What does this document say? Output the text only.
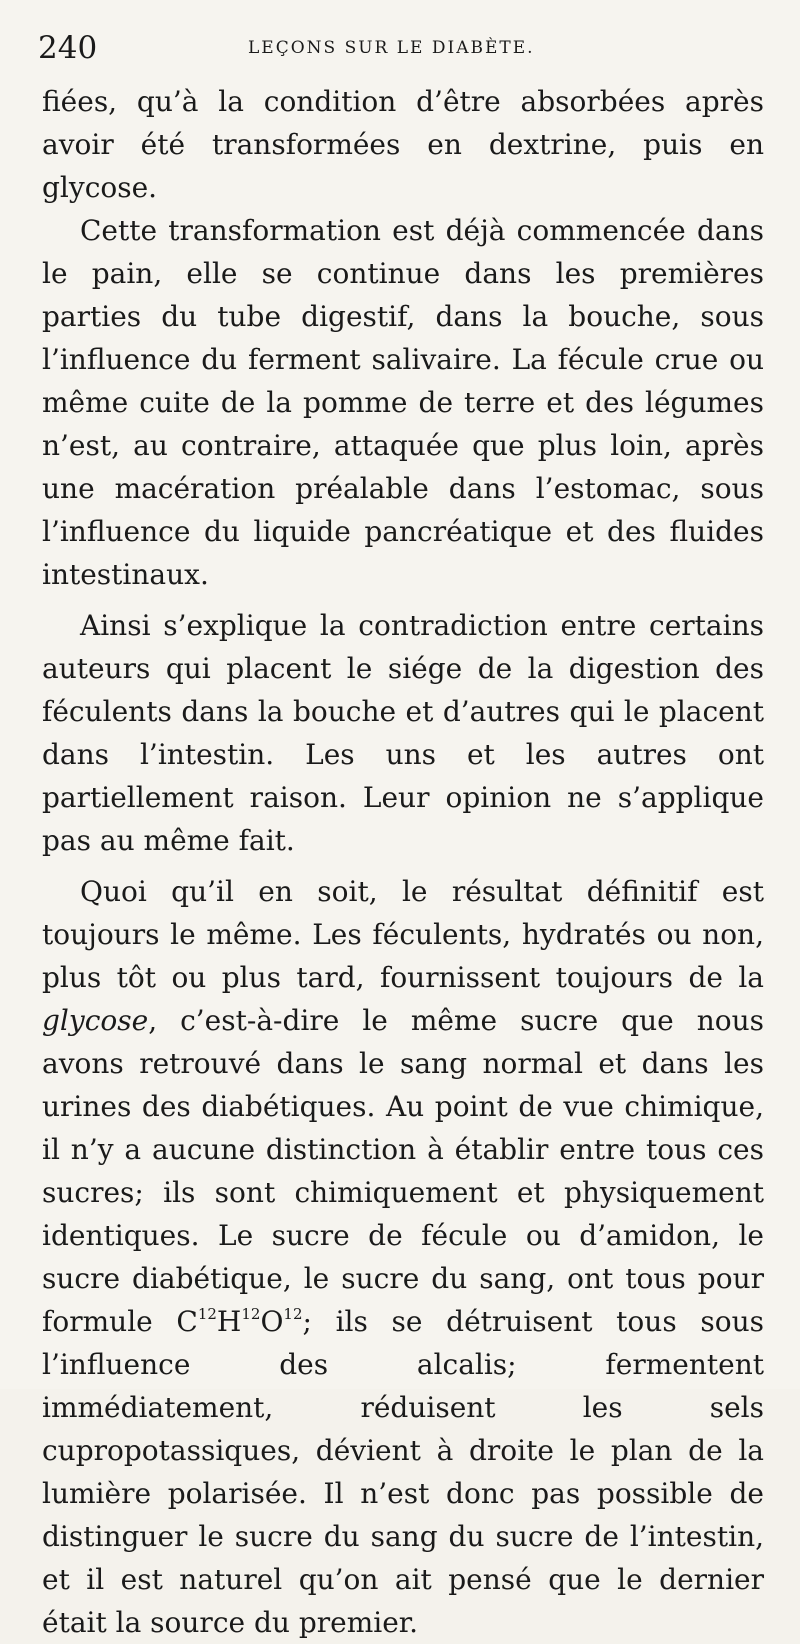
240	LEÇONS SUR LE DIABÈTE.

fiées, qu’à la condition d’être absorbées après avoir été transformées en dextrine, puis en glycose.

Cette transformation est déjà commencée dans le pain, elle se continue dans les premières parties du tube digestif, dans la bouche, sous l’influence du ferment salivaire. La fécule crue ou même cuite de la pomme de terre et des légumes n’est, au contraire, attaquée que plus loin, après une macération préalable dans l’estomac, sous l’influence du liquide pancréatique et des fluides intestinaux.

Ainsi s’explique la contradiction entre certains auteurs qui placent le siége de la digestion des féculents dans la bouche et d’autres qui le placent dans l’intestin. Les uns et les autres ont partiellement raison. Leur opinion ne s’applique pas au même fait.

Quoi qu’il en soit, le résultat définitif est toujours le même. Les féculents, hydratés ou non, plus tôt ou plus tard, fournissent toujours de la glycose, c’est-à-dire le même sucre que nous avons retrouvé dans le sang normal et dans les urines des diabétiques. Au point de vue chimique, il n’y a aucune distinction à établir entre tous ces sucres; ils sont chimiquement et physiquement identiques. Le sucre de fécule ou d’amidon, le sucre diabétique, le sucre du sang, ont tous pour formule $C^{12}H^{12}O^{12}$; ils se détruisent tous sous l’influence des alcalis; fermentent immédiatement, réduisent les sels cupropotassiques, dévient à droite le plan de la lumière polarisée. Il n’est donc pas possible de distinguer le sucre du sang du sucre de l’intestin, et il est naturel qu’on ait pensé que le dernier était la source du premier.
